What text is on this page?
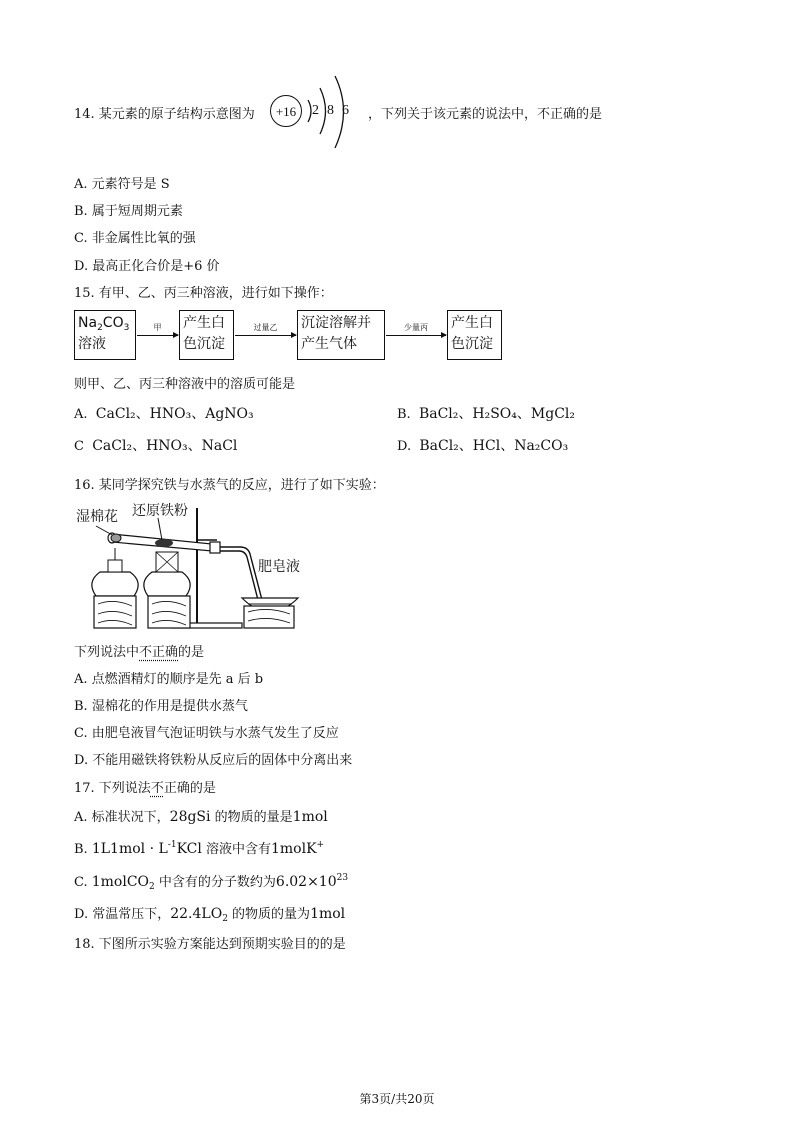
14. 某元素的原子结构示意图为	+16	2 8 6 ，下列关于该元素的说法中，不正确的是
A. 元素符号是 S
B. 属于短周期元素
C. 非金属性比氧的强
D. 最高正化合价是+6 价
15. 有甲、乙、丙三种溶液，进行如下操作：
$Na_2CO_3$
溶液
甲	产生白
色沉淀
过量乙	沉淀溶解并
产生气体
少量丙	产生白
色沉淀
则甲、乙、丙三种溶液中的溶质可能是
A. CaCl₂、HNO₃、AgNO₃	B. BaCl₂、H₂SO₄、MgCl₂
C CaCl₂、HNO₃、NaCl	D. BaCl₂、HCl、Na₂CO₃
16. 某同学探究铁与水蒸气的反应，进行了如下实验：
湿棉花 还原铁粉
肥皂液
下列说法中不正确的是
A. 点燃酒精灯的顺序是先 a 后 b
B. 湿棉花的作用是提供水蒸气
C. 由肥皂液冒气泡证明铁与水蒸气发生了反应
D. 不能用磁铁将铁粉从反应后的固体中分离出来
17. 下列说法不正确的是
A. 标准状况下，28gSi 的物质的量是1mol
B. $1L1mol \cdot L^{-1}KCl$ 溶液中含有1molK+
C. 1molCO$_2$ 中含有的分子数约为$6.02\times 10^{23}$
D. 常温常压下，$22.4LO_2$ 的物质的量为1mol
18. 下图所示实验方案能达到预期实验目的的是
第3页/共20页
